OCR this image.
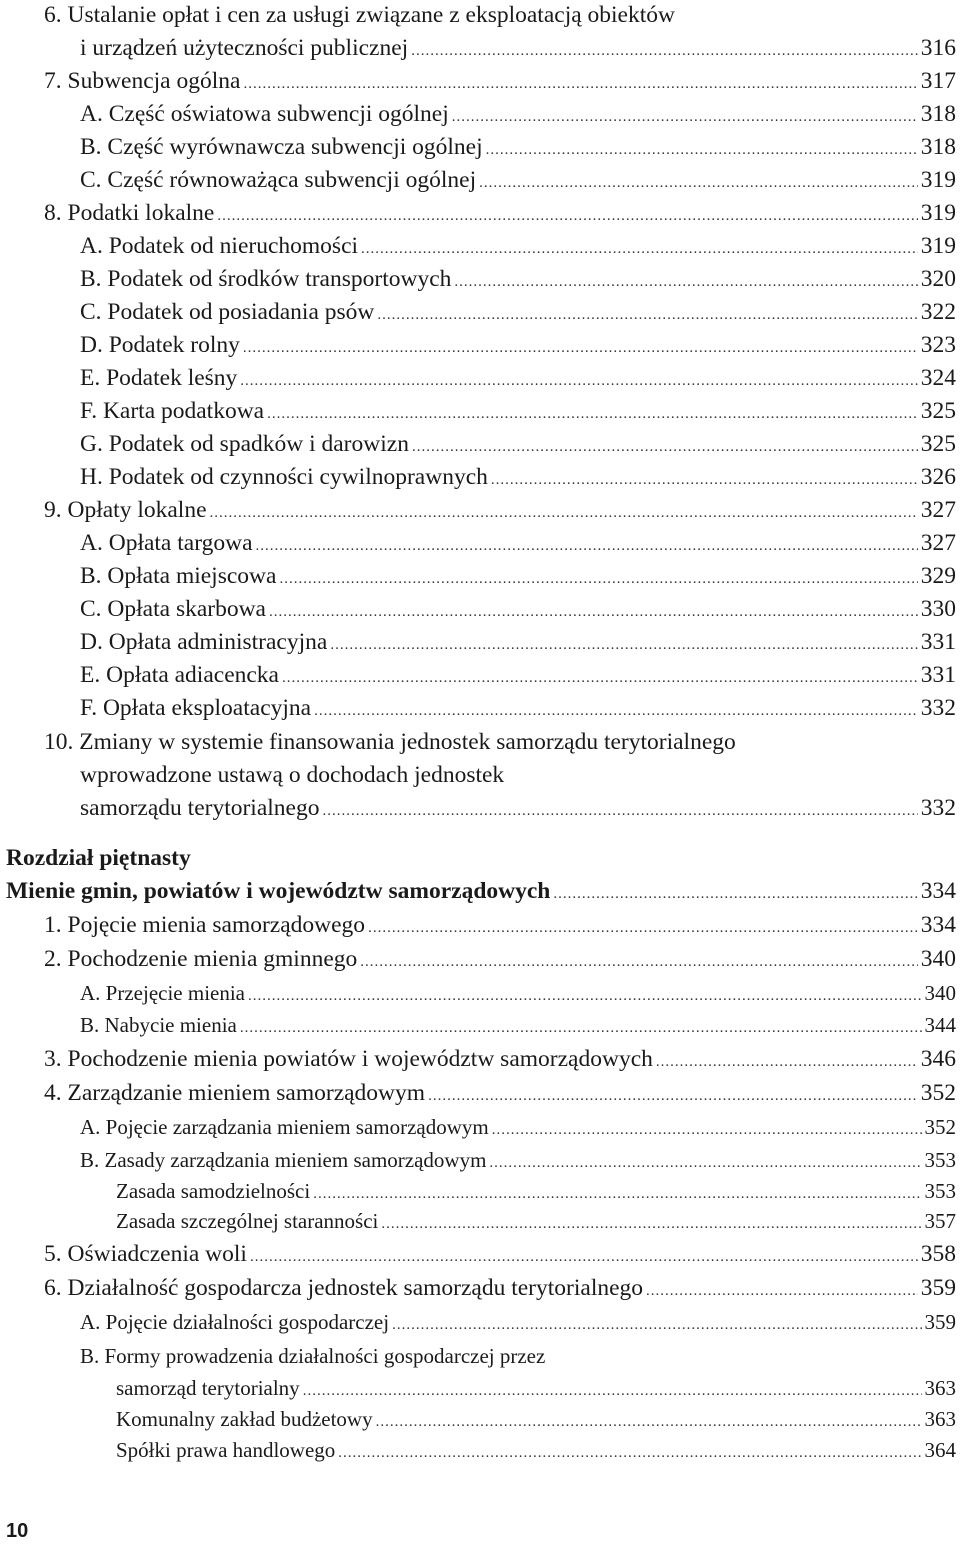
6. Ustalanie opłat i cen za usługi związane z eksploatacją obiektów
i urządzeń użyteczności publicznej .....	316
7. Subwencja ogólna .....	317
A. Część oświatowa subwencji ogólnej .....	318
B. Część wyrównawcza subwencji ogólnej .....	318
C. Część równoważąca subwencji ogólnej .....	319
8. Podatki lokalne .....	319
A. Podatek od nieruchomości .....	319
B. Podatek od środków transportowych .....	320
C. Podatek od posiadania psów .....	322
D. Podatek rolny .....	323
E. Podatek leśny .....	324
F. Karta podatkowa .....	325
G. Podatek od spadków i darowizn .....	325
H. Podatek od czynności cywilnoprawnych .....	326
9. Opłaty lokalne .....	327
A. Opłata targowa .....	327
B. Opłata miejscowa .....	329
C. Opłata skarbowa .....	330
D. Opłata administracyjna .....	331
E. Opłata adiacencka .....	331
F. Opłata eksploatacyjna .....	332
10. Zmiany w systemie finansowania jednostek samorządu terytorialnego
wprowadzone ustawą o dochodach jednostek
samorządu terytorialnego .....	332
Rozdział piętnasty
Mienie gmin, powiatów i województw samorządowych .....	334
1. Pojęcie mienia samorządowego .....	334
2. Pochodzenie mienia gminnego .....	340
A. Przejęcie mienia .....	340
B. Nabycie mienia .....	344
3. Pochodzenie mienia powiatów i województw samorządowych .....	346
4. Zarządzanie mieniem samorządowym .....	352
A. Pojęcie zarządzania mieniem samorządowym .....	352
B. Zasady zarządzania mieniem samorządowym .....	353
Zasada samodzielności .....	353
Zasada szczególnej staranności .....	357
5. Oświadczenia woli .....	358
6. Działalność gospodarcza jednostek samorządu terytorialnego .....	359
A. Pojęcie działalności gospodarczej .....	359
B. Formy prowadzenia działalności gospodarczej przez
samorząd terytorialny .....	363
Komunalny zakład budżetowy .....	363
Spółki prawa handlowego .....	364
10
